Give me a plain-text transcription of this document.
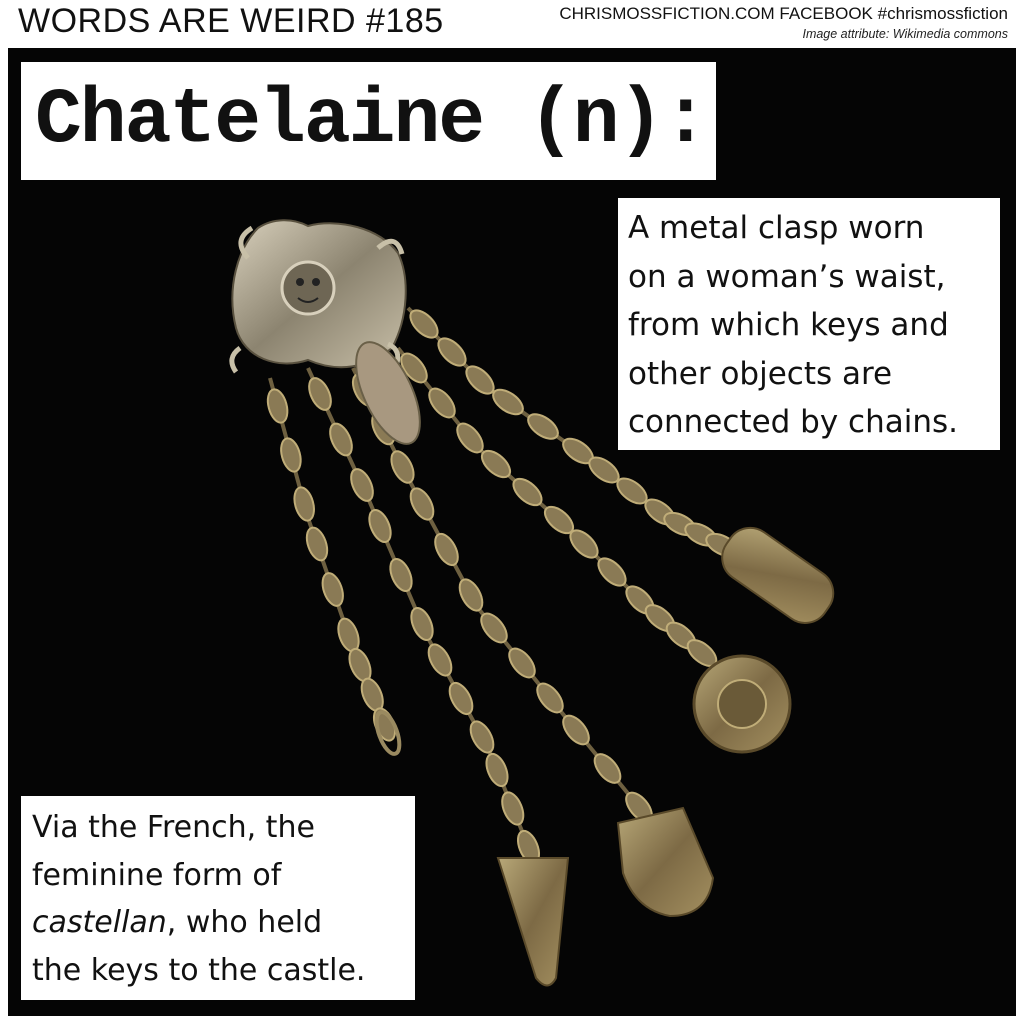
WORDS ARE WEIRD #185	CHRISMOSSFICTION.COM FACEBOOK #chrismossfiction
Image attribute: Wikimedia commons
Chatelaine (n):

A metal clasp worn
on a woman’s waist,
from which keys and
other objects are
connected by chains.

Via the French, the
feminine form of
castellan, who held
the keys to the castle.
